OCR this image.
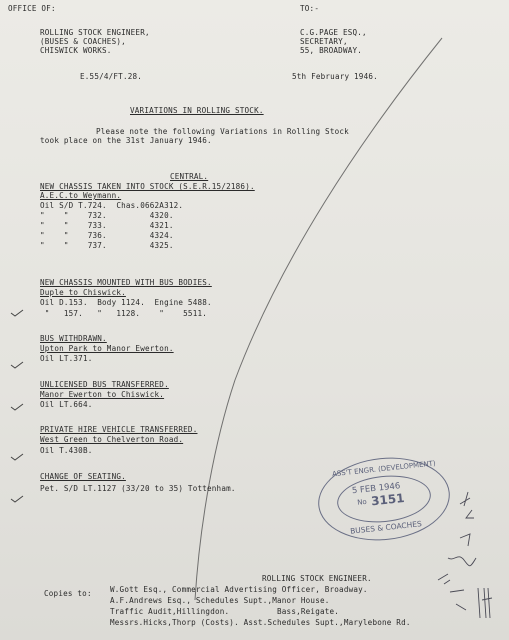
OFFICE OF:	TO:-
ROLLING STOCK ENGINEER,
(BUSES & COACHES),
CHISWICK WORKS.
C.G.PAGE ESQ.,
SECRETARY,
55, BROADWAY.
E.55/4/FT.28.	5th February 1946.
VARIATIONS IN ROLLING STOCK.
Please note the following Variations in Rolling Stock
took place on the 31st January 1946.
CENTRAL.
NEW CHASSIS TAKEN INTO STOCK (S.E.R.15/2186).
A.E.C.to Weymann.
Oil S/D T.724.  Chas.0662A312.
"    "    732.         4320.
"    "    733.         4321.
"    "    736.         4324.
"    "    737.         4325.
NEW CHASSIS MOUNTED WITH BUS BODIES.
Duple to Chiswick.
Oil D.153.  Body 1124.  Engine 5488.
"   157.   "   1128.    "    5511.
BUS WITHDRAWN.
Upton Park to Manor Ewerton.
Oil LT.371.
UNLICENSED BUS TRANSFERRED.
Manor Ewerton to Chiswick.
Oil LT.664.
PRIVATE HIRE VEHICLE TRANSFERRED.
West Green to Chelverton Road.
Oil T.430B.
CHANGE OF SEATING.
Pet. S/D LT.1127 (33/20 to 35) Tottenham.
ASS'T ENGR. (DEVELOPMENT)
5 FEB 1946
No 3151
BUSES & COACHES
ROLLING STOCK ENGINEER.
Copies to: W.Gott Esq., Commercial Advertising Officer, Broadway.
A.F.Andrews Esq., Schedules Supt.,Manor House.
Traffic Audit,Hillingdon.          Bass,Reigate.
Messrs.Hicks,Thorp (Costs). Asst.Schedules Supt.,Marylebone Rd.
